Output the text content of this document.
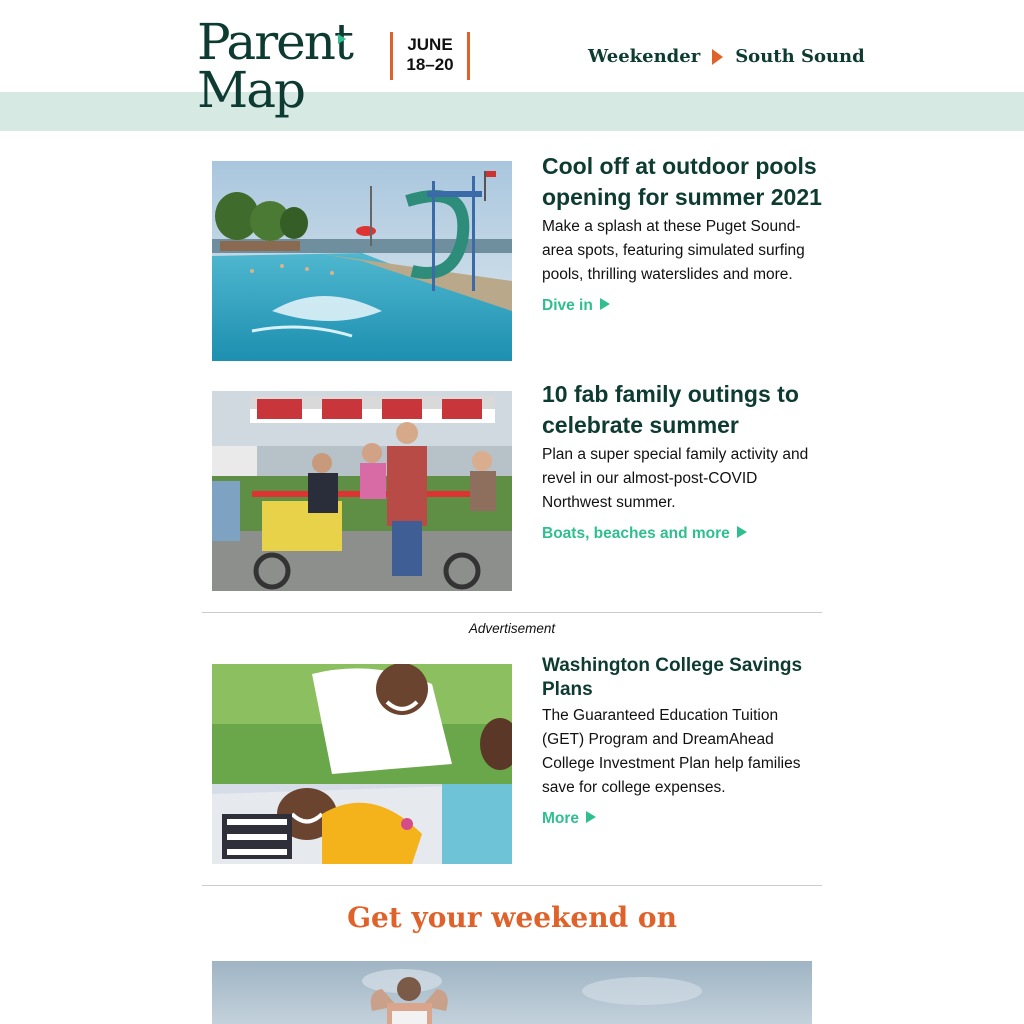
Parent
Map
JUNE
18–20	Weekender South Sound
Cool off at outdoor pools opening for summer 2021
Make a splash at these Puget Sound-area spots, featuring simulated surfing pools, thrilling waterslides and more.
Dive in
10 fab family outings to celebrate summer
Plan a super special family activity and revel in our almost-post-COVID Northwest summer.
Boats, beaches and more
Advertisement
Washington College Savings Plans
The Guaranteed Education Tuition (GET) Program and DreamAhead College Investment Plan help families save for college expenses.
More
Get your weekend on
